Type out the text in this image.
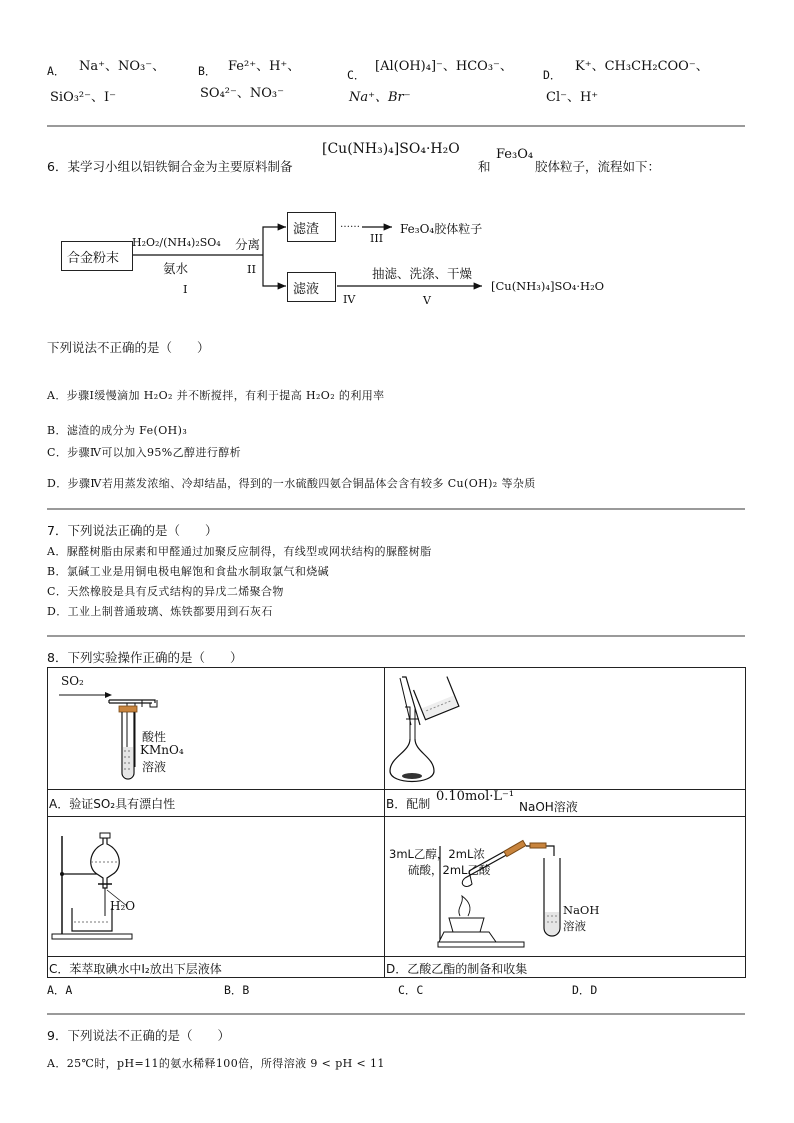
A． Na⁺、NO₃⁻、
SiO₃²⁻、I⁻
B． Fe²⁺、H⁺、
SO₄²⁻、NO₃⁻
C．
[Al(OH)₄]⁻、HCO₃⁻、
Na⁺、Br⁻
D．
K⁺、CH₃CH₂COO⁻、
Cl⁻、H⁺
6．某学习小组以铝铁铜合金为主要原料制备
[Cu(NH₃)₄]SO₄·H₂O
和
Fe₃O₄
胶体粒子，流程如下：
合金粉末
H₂O₂/(NH₄)₂SO₄
氨水
I
分离
II
滤渣 ……
III
Fe₃O₄胶体粒子
滤液
IV
抽滤、洗涤、干燥
V
[Cu(NH₃)₄]SO₄·H₂O
下列说法不正确的是（　　）
A．步骤Ⅰ缓慢滴加 H₂O₂ 并不断搅拌，有利于提高 H₂O₂ 的利用率
B．滤渣的成分为 Fe(OH)₃
C．步骤Ⅳ可以加入95%乙醇进行醇析
D．步骤Ⅳ若用蒸发浓缩、冷却结晶，得到的一水硫酸四氨合铜晶体会含有较多 Cu(OH)₂ 等杂质
7．下列说法正确的是（　　）
A．脲醛树脂由尿素和甲醛通过加聚反应制得，有线型或网状结构的脲醛树脂
B．氯碱工业是用铜电极电解饱和食盐水制取氯气和烧碱
C．天然橡胶是具有反式结构的异戊二烯聚合物
D．工业上制普通玻璃、炼铁都要用到石灰石
8．下列实验操作正确的是（　　）
SO₂
酸性
KMnO₄
溶液
H₂O
3mL乙醇，2mL浓
硫酸，2mL乙酸
NaOH
溶液
A．验证SO₂具有漂白性	B．配制 0.10mol·L⁻¹
NaOH溶液
C．苯萃取碘水中I₂放出下层液体	D．乙酸乙酯的制备和收集
A．A	B．B	C．C	D．D
9．下列说法不正确的是（　　）
A．25℃时，pH=11的氨水稀释100倍，所得溶液 9 < pH < 11
